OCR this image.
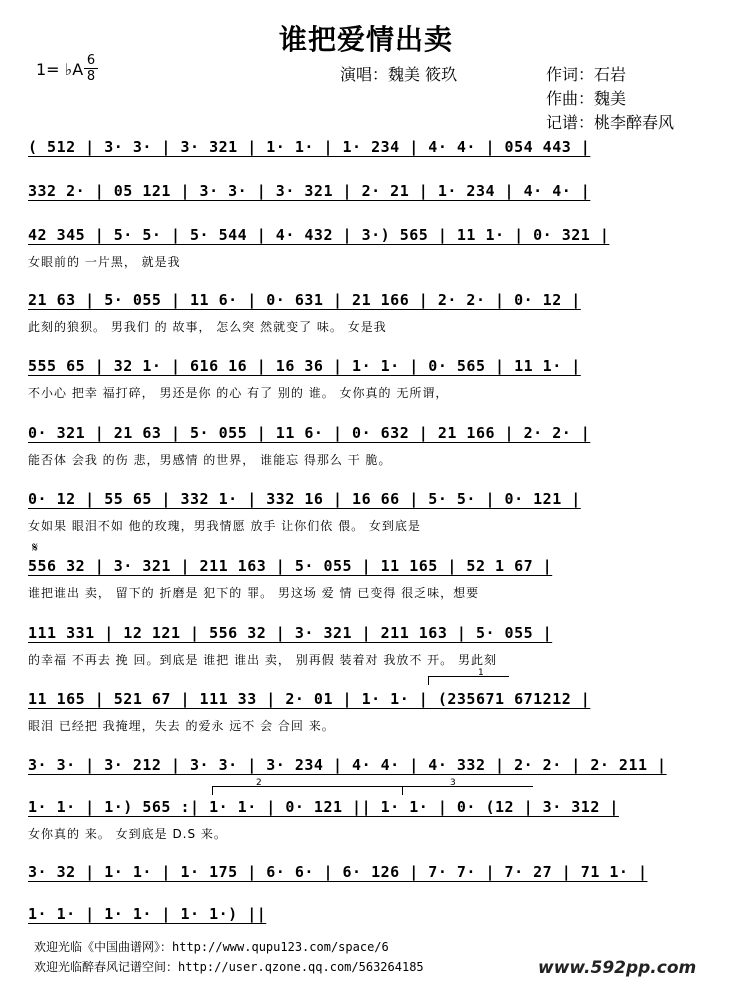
谁把爱情出卖
1= ♭A 6
8	演唱：魏美 筱玖	作词：石岩
作曲：魏美
记谱：桃李醉春风
( 512 | 3· 3· | 3· 321 | 1· 1· | 1· 234 | 4· 4· | 054 443 |
332 2· | 05 121 | 3· 3· | 3· 321 | 2· 21 | 1· 234 | 4· 4· |
42 345 | 5· 5· | 5· 544 | 4· 432 | 3·) 565 | 11 1· | 0· 321 |
女眼前的 一片黑， 就是我
21 63 | 5· 055 | 11 6· | 0· 631 | 21 166 | 2· 2· | 0· 12 |
此刻的狼狈。 男我们 的 故事， 怎么突 然就变了 味。 女是我
555 65 | 32 1· | 616 16 | 16 36 | 1· 1· | 0· 565 | 11 1· |
不小心 把幸 福打碎， 男还是你 的心 有了 别的 谁。 女你真的 无所谓，
0· 321 | 21 63 | 5· 055 | 11 6· | 0· 632 | 21 166 | 2· 2· |
能否体 会我 的伤 悲，男感情 的世界， 谁能忘 得那么 干 脆。
0· 12 | 55 65 | 332 1· | 332 16 | 16 66 | 5· 5· | 0· 121 |
女如果 眼泪不如 他的玫瑰，男我情愿 放手 让你们依 偎。 女到底是
𝄋
556 32 | 3· 321 | 211 163 | 5· 055 | 11 165 | 52 1 67 |
谁把谁出 卖， 留下的 折磨是 犯下的 罪。 男这场 爱 情 已变得 很乏味，想要
111 331 | 12 121 | 556 32 | 3· 321 | 211 163 | 5· 055 |
的幸福 不再去 挽 回。到底是 谁把 谁出 卖， 别再假 装着对 我放不 开。 男此刻
1
11 165 | 521 67 | 111 33 | 2· 01 | 1· 1· | (235671 671212 |
眼泪 已经把 我掩埋，失去 的爱永 远不 会 合回 来。
3· 3· | 3· 212 | 3· 3· | 3· 234 | 4· 4· | 4· 332 | 2· 2· | 2· 211 |
2	3
1· 1· | 1·) 565 :| 1· 1· | 0· 121 || 1· 1· | 0· (12 | 3· 312 |
女你真的 来。 女到底是 D.S 来。
3· 32 | 1· 1· | 1· 175 | 6· 6· | 6· 126 | 7· 7· | 7· 27 | 71 1· |
1· 1· | 1· 1· | 1· 1·) ||
欢迎光临《中国曲谱网》：http://www.qupu123.com/space/6
欢迎光临醉春风记谱空间：http://user.qzone.qq.com/563264185	www.592pp.com
